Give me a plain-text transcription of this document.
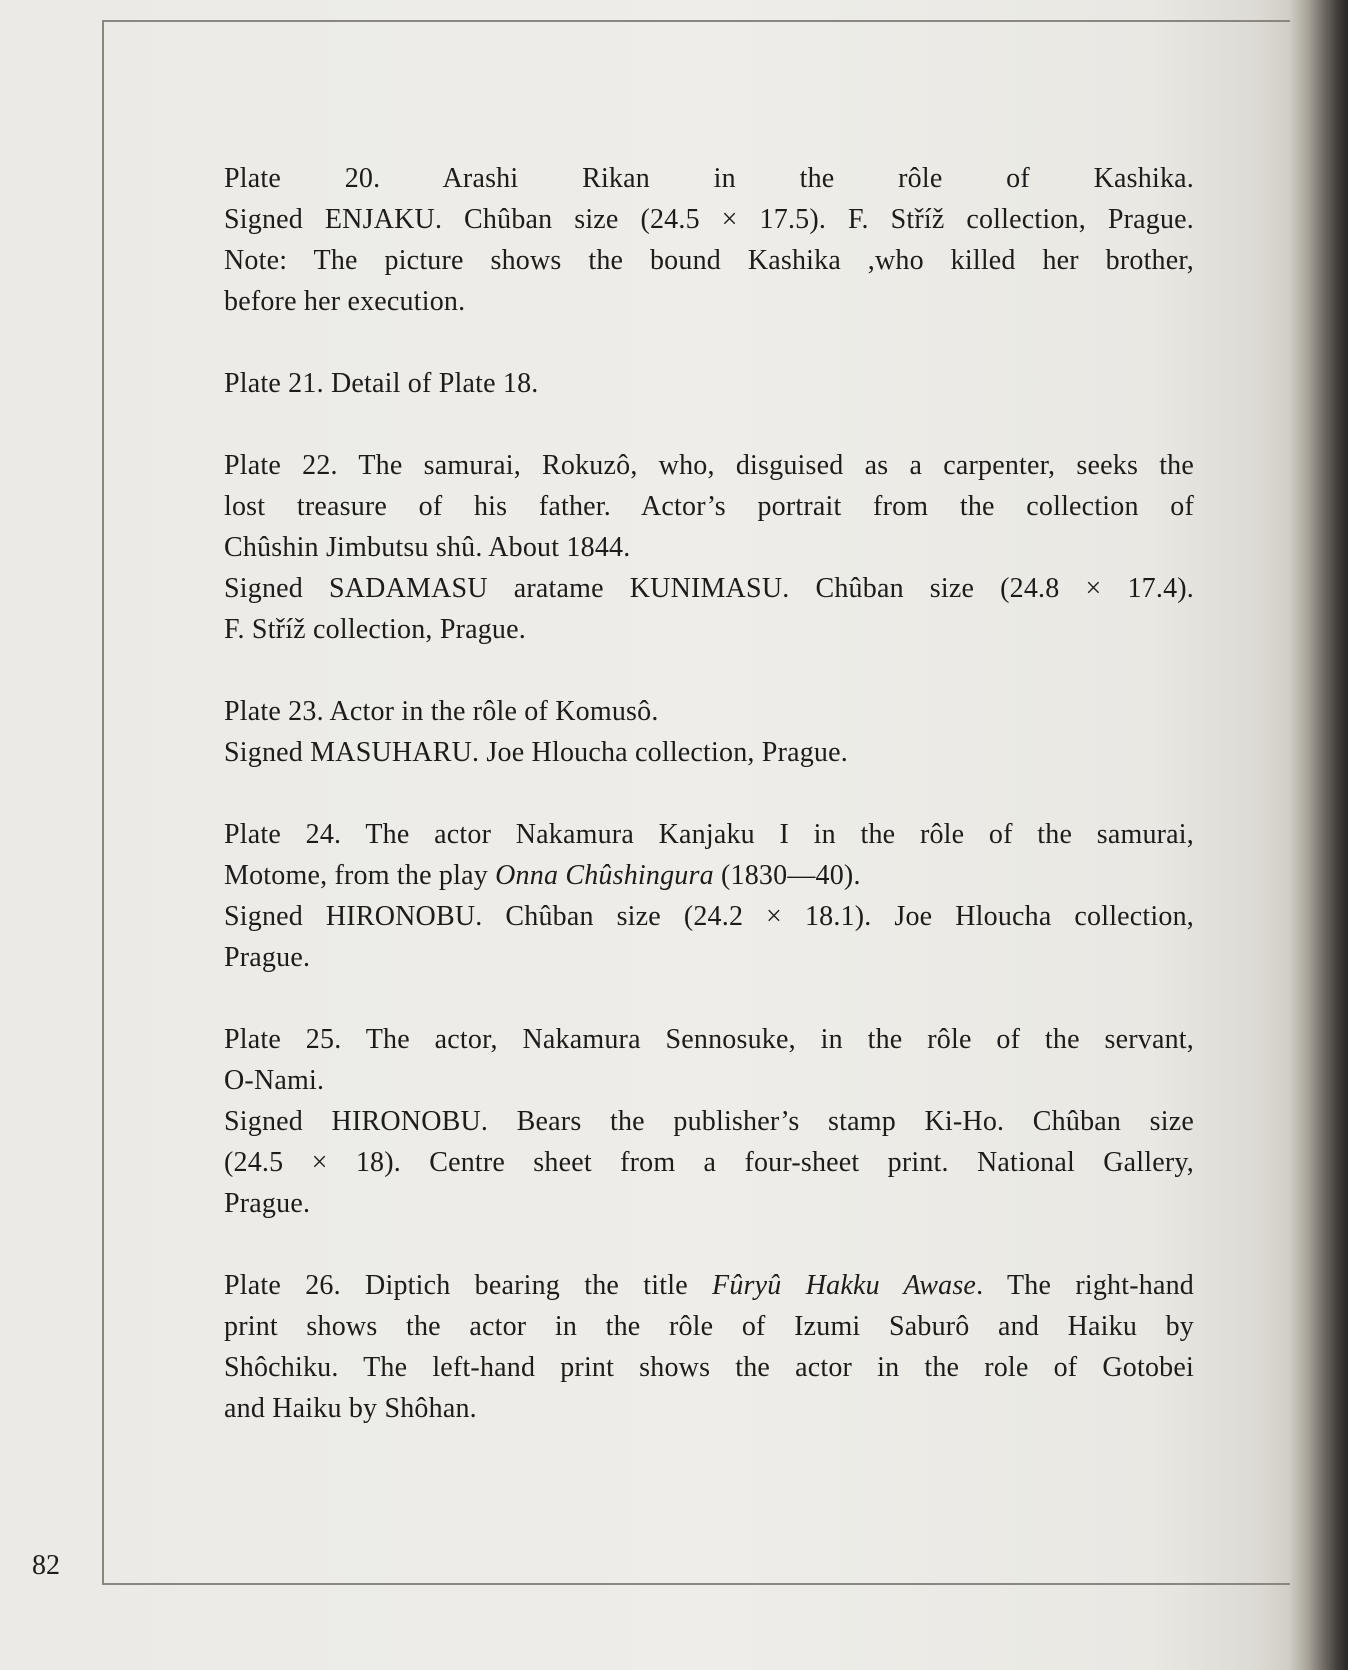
Plate 20. Arashi Rikan in the rôle of Kashika.
Signed ENJAKU. Chûban size (24.5 × 17.5). F. Stříž collection, Prague.
Note: The picture shows the bound Kashika ,who killed her brother,
before her execution.
Plate 21. Detail of Plate 18.
Plate 22. The samurai, Rokuzô, who, disguised as a carpenter, seeks the
lost treasure of his father. Actor’s portrait from the collection of
Chûshin Jimbutsu shû. About 1844.
Signed SADAMASU aratame KUNIMASU. Chûban size (24.8 × 17.4).
F. Stříž collection, Prague.
Plate 23. Actor in the rôle of Komusô.
Signed MASUHARU. Joe Hloucha collection, Prague.
Plate 24. The actor Nakamura Kanjaku I in the rôle of the samurai,
Motome, from the play Onna Chûshingura (1830—40).
Signed HIRONOBU. Chûban size (24.2 × 18.1). Joe Hloucha collection,
Prague.
Plate 25. The actor, Nakamura Sennosuke, in the rôle of the servant,
O-Nami.
Signed HIRONOBU. Bears the publisher’s stamp Ki-Ho. Chûban size
(24.5 × 18). Centre sheet from a four-sheet print. National Gallery,
Prague.
Plate 26. Diptich bearing the title Fûryû Hakku Awase. The right-hand
print shows the actor in the rôle of Izumi Saburô and Haiku by
Shôchiku. The left-hand print shows the actor in the role of Gotobei
and Haiku by Shôhan.
82
